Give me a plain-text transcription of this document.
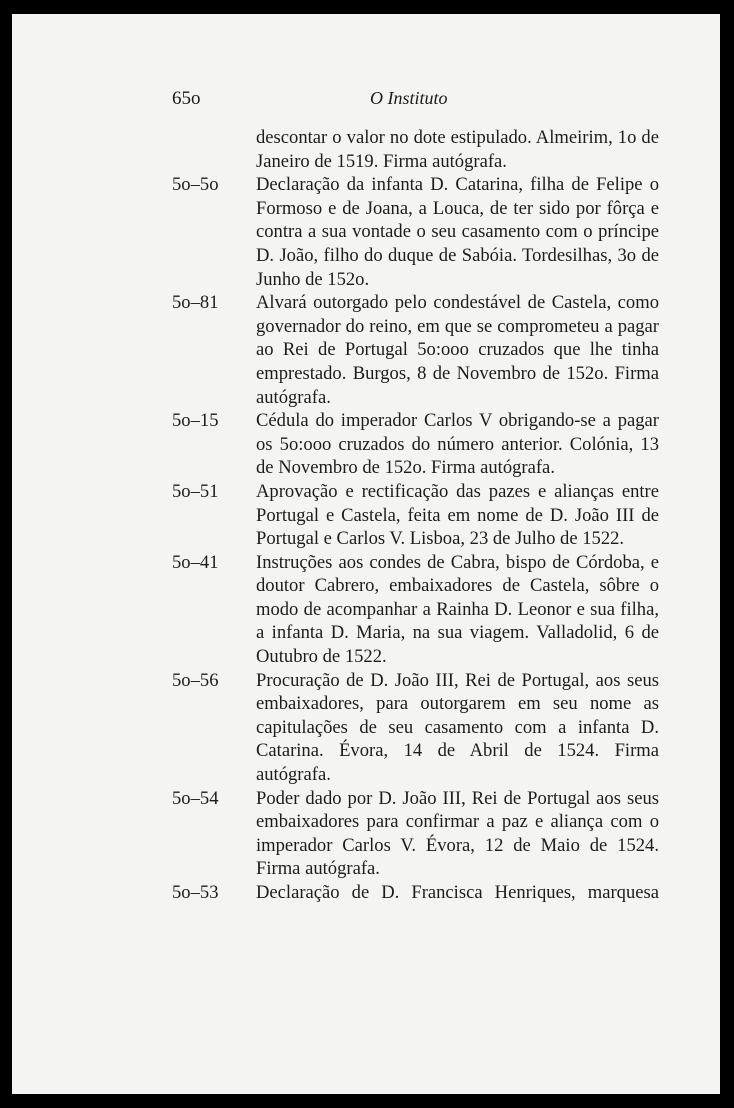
65o	O Instituto
descontar o valor no dote estipulado. Almeirim, 1o de Janeiro de 1519. Firma autógrafa.
5o–5o Declaração da infanta D. Catarina, filha de Felipe o Formoso e de Joana, a Louca, de ter sido por fôrça e contra a sua vontade o seu casamento com o príncipe D. João, filho do duque de Sabóia. Tordesilhas, 3o de Junho de 152o.
5o–81 Alvará outorgado pelo condestável de Castela, como governador do reino, em que se comprometeu a pagar ao Rei de Portugal 5o:ooo cruzados que lhe tinha emprestado. Burgos, 8 de Novembro de 152o. Firma autógrafa.
5o–15 Cédula do imperador Carlos V obrigando-se a pagar os 5o:ooo cruzados do número anterior. Colónia, 13 de Novembro de 152o. Firma autógrafa.
5o–51 Aprovação e rectificação das pazes e alianças entre Portugal e Castela, feita em nome de D. João III de Portugal e Carlos V. Lisboa, 23 de Julho de 1522.
5o–41 Instruções aos condes de Cabra, bispo de Córdoba, e doutor Cabrero, embaixadores de Castela, sôbre o modo de acompanhar a Rainha D. Leonor e sua filha, a infanta D. Maria, na sua viagem. Valladolid, 6 de Outubro de 1522.
5o–56 Procuração de D. João III, Rei de Portugal, aos seus embaixadores, para outorgarem em seu nome as capitulações de seu casamento com a infanta D. Catarina. Évora, 14 de Abril de 1524. Firma autógrafa.
5o–54 Poder dado por D. João III, Rei de Portugal aos seus embaixadores para confirmar a paz e aliança com o imperador Carlos V. Évora, 12 de Maio de 1524. Firma autógrafa.
5o–53 Declaração de D. Francisca Henriques, marquesa
